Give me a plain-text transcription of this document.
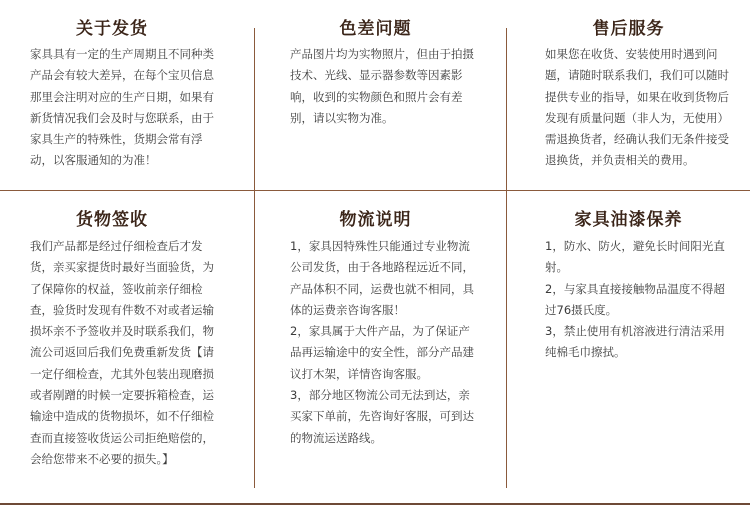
关于发货
家具具有一定的生产周期且不同种类产品会有较大差异，在每个宝贝信息那里会注明对应的生产日期，如果有新货情况我们会及时与您联系，由于家具生产的特殊性，货期会常有浮动，以客服通知的为准！
色差问题
产品图片均为实物照片，但由于拍摄技术、光线、显示器参数等因素影响，收到的实物颜色和照片会有差别，请以实物为准。
售后服务
如果您在收货、安装使用时遇到问题，请随时联系我们，我们可以随时提供专业的指导，如果在收到货物后发现有质量问题（非人为，无使用）需退换货者，经确认我们无条件接受退换货，并负责相关的费用。
货物签收
我们产品都是经过仔细检查后才发货，亲买家提货时最好当面验货，为了保障你的权益，签收前亲仔细检查，验货时发现有件数不对或者运输损坏亲不予签收并及时联系我们，物流公司返回后我们免费重新发货【请一定仔细检查，尤其外包装出现磨损或者剐蹭的时候一定要拆箱检查，运输途中造成的货物损坏，如不仔细检查而直接签收货运公司拒绝赔偿的，会给您带来不必要的损失。】
物流说明
1，家具因特殊性只能通过专业物流公司发货，由于各地路程远近不同，产品体积不同，运费也就不相同，具体的运费亲咨询客服！
2，家具属于大件产品，为了保证产品再运输途中的安全性，部分产品建议打木架，详情咨询客服。
3，部分地区物流公司无法到达，亲买家下单前，先咨询好客服，可到达的物流运送路线。
家具油漆保养
1，防水、防火，避免长时间阳光直射。
2，与家具直接接触物品温度不得超过76摄氏度。
3，禁止使用有机溶液进行清洁采用纯棉毛巾擦拭。
